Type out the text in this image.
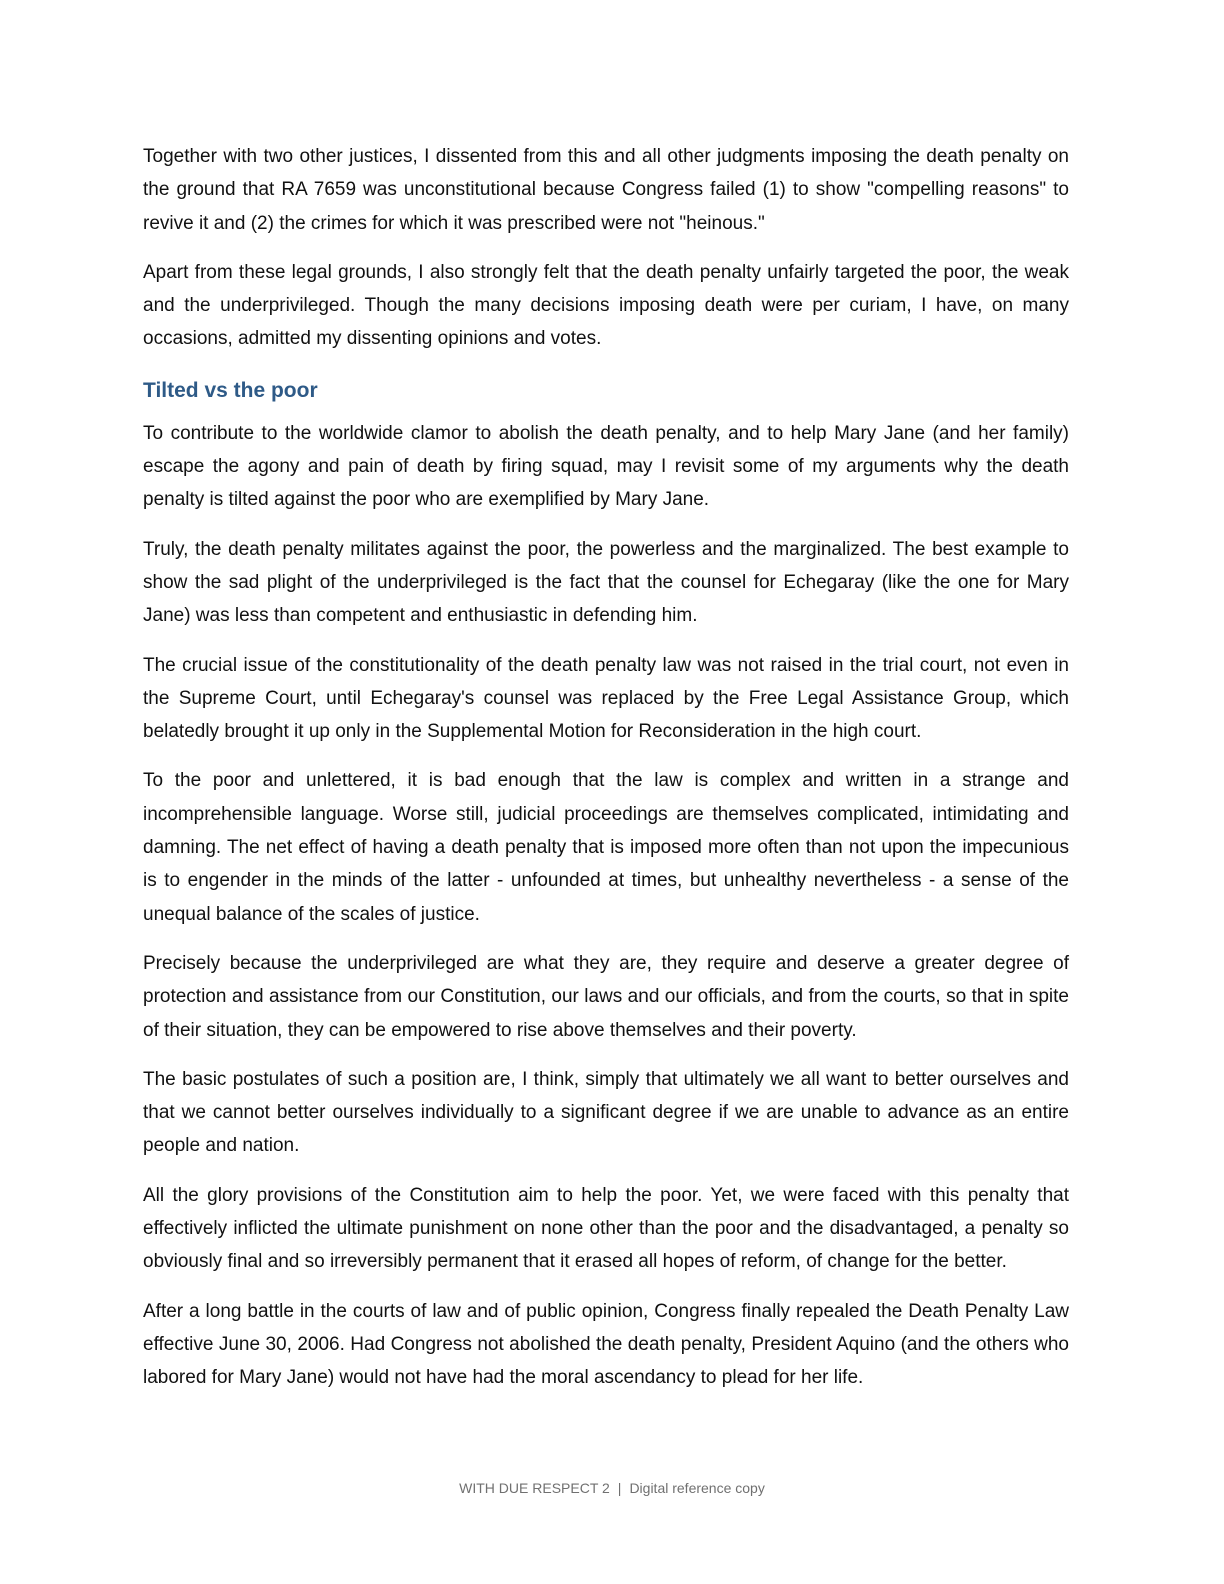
Together with two other justices, I dissented from this and all other judgments imposing the death penalty on the ground that RA 7659 was unconstitutional because Congress failed (1) to show "compelling reasons" to revive it and (2) the crimes for which it was prescribed were not "heinous."

Apart from these legal grounds, I also strongly felt that the death penalty unfairly targeted the poor, the weak and the underprivileged. Though the many decisions imposing death were per curiam, I have, on many occasions, admitted my dissenting opinions and votes.

Tilted vs the poor

To contribute to the worldwide clamor to abolish the death penalty, and to help Mary Jane (and her family) escape the agony and pain of death by firing squad, may I revisit some of my arguments why the death penalty is tilted against the poor who are exemplified by Mary Jane.

Truly, the death penalty militates against the poor, the powerless and the marginalized. The best example to show the sad plight of the underprivileged is the fact that the counsel for Echegaray (like the one for Mary Jane) was less than competent and enthusiastic in defending him.

The crucial issue of the constitutionality of the death penalty law was not raised in the trial court, not even in the Supreme Court, until Echegaray's counsel was replaced by the Free Legal Assistance Group, which belatedly brought it up only in the Supplemental Motion for Reconsideration in the high court.

To the poor and unlettered, it is bad enough that the law is complex and written in a strange and incomprehensible language. Worse still, judicial proceedings are themselves complicated, intimidating and damning. The net effect of having a death penalty that is imposed more often than not upon the impecunious is to engender in the minds of the latter - unfounded at times, but unhealthy nevertheless - a sense of the unequal balance of the scales of justice.

Precisely because the underprivileged are what they are, they require and deserve a greater degree of protection and assistance from our Constitution, our laws and our officials, and from the courts, so that in spite of their situation, they can be empowered to rise above themselves and their poverty.

The basic postulates of such a position are, I think, simply that ultimately we all want to better ourselves and that we cannot better ourselves individually to a significant degree if we are unable to advance as an entire people and nation.

All the glory provisions of the Constitution aim to help the poor. Yet, we were faced with this penalty that effectively inflicted the ultimate punishment on none other than the poor and the disadvantaged, a penalty so obviously final and so irreversibly permanent that it erased all hopes of reform, of change for the better.

After a long battle in the courts of law and of public opinion, Congress finally repealed the Death Penalty Law effective June 30, 2006. Had Congress not abolished the death penalty, President Aquino (and the others who labored for Mary Jane) would not have had the moral ascendancy to plead for her life.

WITH DUE RESPECT 2 | Digital reference copy
